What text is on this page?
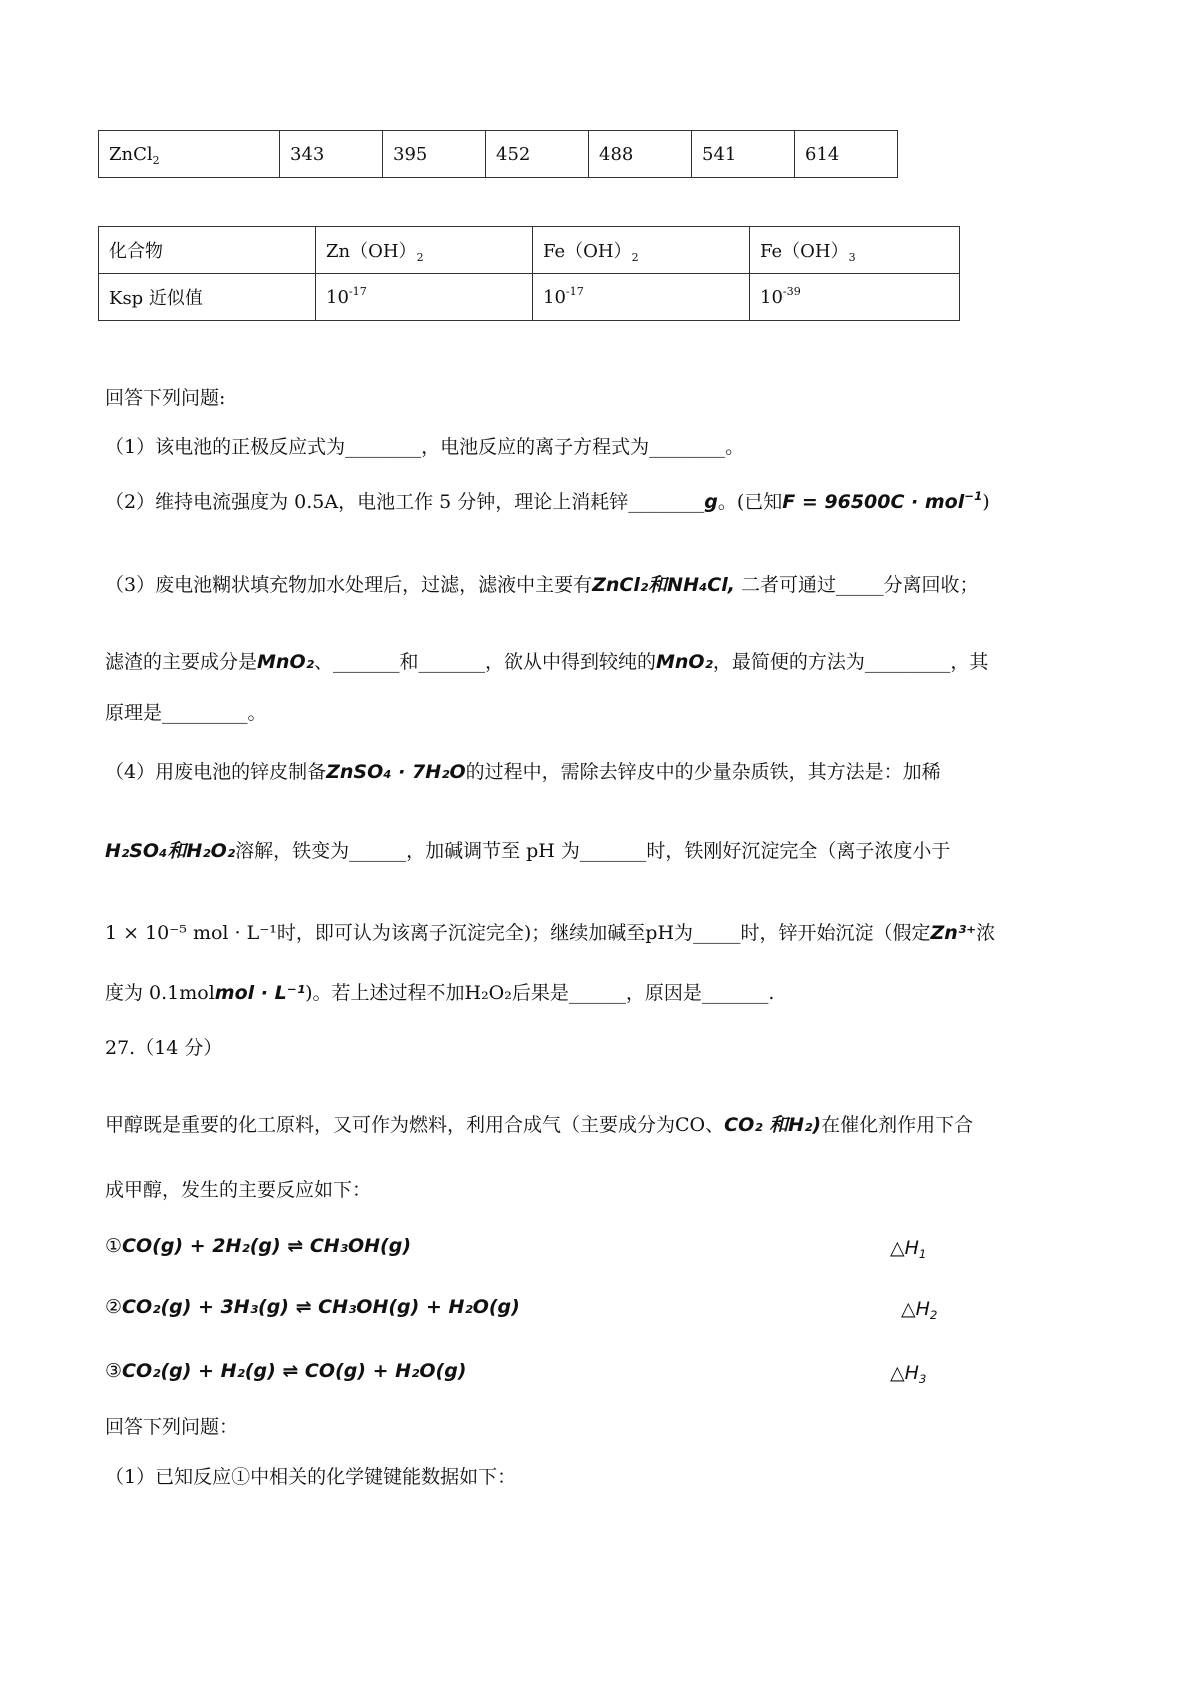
ZnCl$_2$	343	395	452	488	541	614
化合物	$Zn(OH)_2$	$Fe(OH)_2$	$Fe(OH)_3$
Ksp 近似值	$10^{-17}$	$10^{-17}$	$10^{-39}$
回答下列问题:
（1）该电池的正极反应式为________，电池反应的离子方程式为________。
（2）维持电流强度为 0.5A，电池工作 5 分钟，理论上消耗锌________g。(已知F = 96500C · mol$^{-1}$)
（3）废电池糊状填充物加水处理后，过滤，滤液中主要有ZnCl₂和NH₄Cl, 二者可通过_____分离回收；
滤渣的主要成分是MnO₂、_______和_______，欲从中得到较纯的MnO₂，最简便的方法为_________，其
原理是_________。
（4）用废电池的锌皮制备ZnSO₄ · 7H₂O的过程中，需除去锌皮中的少量杂质铁，其方法是：加稀
H₂SO₄和H₂O₂溶解，铁变为______，加碱调节至 pH 为_______时，铁刚好沉淀完全（离子浓度小于
1 × 10⁻⁵ mol · L⁻¹时，即可认为该离子沉淀完全)；继续加碱至pH为_____时，锌开始沉淀（假定Zn³⁺浓
度为 0.1molmol · L⁻¹)。若上述过程不加H₂O₂后果是______，原因是_______.
27.（14 分）
甲醇既是重要的化工原料，又可作为燃料，利用合成气（主要成分为CO、CO₂ 和H₂)在催化剂作用下合
成甲醇，发生的主要反应如下：
①CO(g) + 2H₂(g) ⇌ CH₃OH(g)	$\triangle H_1$
②CO₂(g) + 3H₃(g) ⇌ CH₃OH(g) + H₂O(g)	$\triangle H_2$
③CO₂(g) + H₂(g) ⇌ CO(g) + H₂O(g)	$\triangle H_3$
回答下列问题：
（1）已知反应①中相关的化学键键能数据如下：
